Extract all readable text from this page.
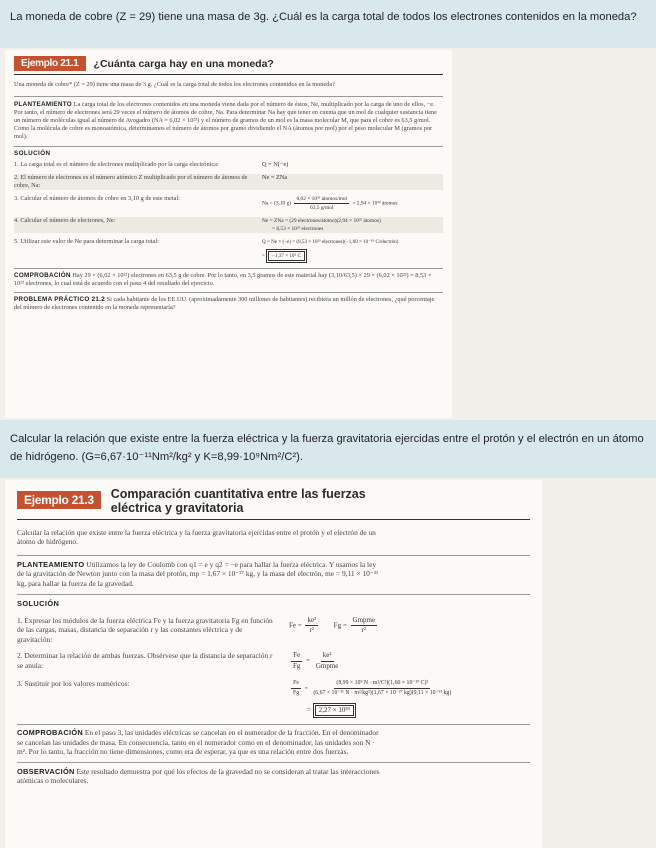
La moneda de cobre (Z = 29) tiene una masa de 3g. ¿Cuál es la carga total de todos los electrones contenidos en la moneda?
Ejemplo 21.1	¿Cuánta carga hay en una moneda?

Una moneda de cobre* (Z = 29) tiene una masa de 3 g. ¿Cuál es la carga total de todos los electrones contenidos en la moneda?

PLANTEAMIENTO La carga total de los electrones contenidos en una moneda viene dada por el número de éstos, Ne, multiplicado por la carga de uno de ellos, −e. Por tanto, el número de electrones será 29 veces el número de átomos de cobre, Na. Para determinar Na hay que tener en cuenta que un mol de cualquier sustancia tiene un número de moléculas igual al número de Avogadro (NA = 6,02 × 10²³) y el número de gramos de un mol es la masa molecular M, que para el cobre es 63,5 g/mol. Como la molécula de cobre es monoatómica, determinamos el número de átomos por gramo dividiendo el NA (átomos por mol) por el peso molecular M (gramos por mol).

SOLUCIÓN
1. La carga total es el número de electrones multiplicado por la carga electrónica:	Q = N(−e)
2. El número de electrones es el número atómico Z multiplicado por el número de átomos de cobre, Na:
Ne = ZNa
3. Calcular el número de átomos de cobre en 3,10 g de este metal:
Na = (3,10 $g) \frac{\text{6,02 × 10²³ átomos/mol}}{\text{63,5 g/mol}} = 2,94 \times 10^{22}$ átomos
4. Calcular el número de electrones, Ne:	Ne = ZNa = (29 electrones/átomo)(2,94 × 10²² átomos)
= 8,53 × 10²³ electrones
5. Utilizar este valor de Ne para determinar la carga total:	Q = Ne × (−e) = (8,53 × 10²³ electrones)(−1,60 × 10⁻¹⁹ C/electrón)
= −1,37 × 10⁵ C

COMPROBACIÓN Hay 29 × (6,02 × 10²³) electrones en 63,5 g de cobre. Por lo tanto, en 3,5 gramos de este material hay (3,10/63,5) × 29 × (6,02 × 10²³) = 8,53 × 10²³ electrones, lo cual está de acuerdo con el paso 4 del resultado del ejercicio.

PROBLEMA PRÁCTICO 21.2 Si cada habitante de los EE.UU. (aproximadamente 300 millones de habitantes) recibiera un millón de electrones, ¿qué porcentaje del número de electrones contenido en la moneda representaría?

Calcular la relación que existe entre la fuerza eléctrica y la fuerza gravitatoria ejercidas entre el protón y el electrón en un átomo de hidrógeno. (G=6,67·10⁻¹¹Nm²/kg² y K=8,99·10⁹Nm²/C²).
Ejemplo 21.3	Comparación cuantitativa entre las fuerzas eléctrica y gravitatoria

Calcular la relación que existe entre la fuerza eléctrica y la fuerza gravitatoria ejercidas entre el protón y el electrón de un átomo de hidrógeno.

PLANTEAMIENTO Utilizamos la ley de Coulomb con q1 = e y q2 = −e para hallar la fuerza eléctrica. Y usamos la ley de la gravitación de Newton junto con la masa del protón, mp = 1,67 × 10⁻²⁷ kg, y la masa del electrón, me = 9,11 × 10⁻³¹ kg, para hallar la fuerza de la gravedad.

SOLUCIÓN
1. Expresar los módulos de la fuerza eléctrica Fe y la fuerza gravitatoria Fg en función de las cargas, masas, distancia de separación r y las constantes eléctrica y de gravitación:
$Fe = \frac{\text{ke²}}{\text{r²}}$ $Fg = \frac{\text{Gmpme}}{\text{r²}}$
2. Determinar la relación de ambas fuerzas. Obsérvese que la distancia de separación r se anula:	$\frac{Fe}{Fg} = \frac{\text{ke²}}{\text{Gmpme}}$
3. Sustituir por los valores numéricos:	$\frac{Fe}{Fg} = \frac{\text{(8,99 × 10⁹ N · m²/C²)(1,60 × 10⁻¹⁹ C)²}}{\text{(6,67 × 10⁻¹¹ N · m²/kg²)(1,67 × 10⁻²⁷ kg)(9,11 × 10⁻³¹ kg)}}$
= 2,27 × 10³⁹

COMPROBACIÓN En el paso 3, las unidades eléctricas se cancelan en el numerador de la fracción. En el denominador se cancelan las unidades de masa. En consecuencia, tanto en el numerador como en el denominador, las unidades son N · m². Por lo tanto, la fracción no tiene dimensiones, como era de esperar, ya que es una relación entre dos fuerzas.

OBSERVACIÓN Este resultado demuestra por qué los efectos de la gravedad no se consideran al tratar las interacciones atómicas o moleculares.
